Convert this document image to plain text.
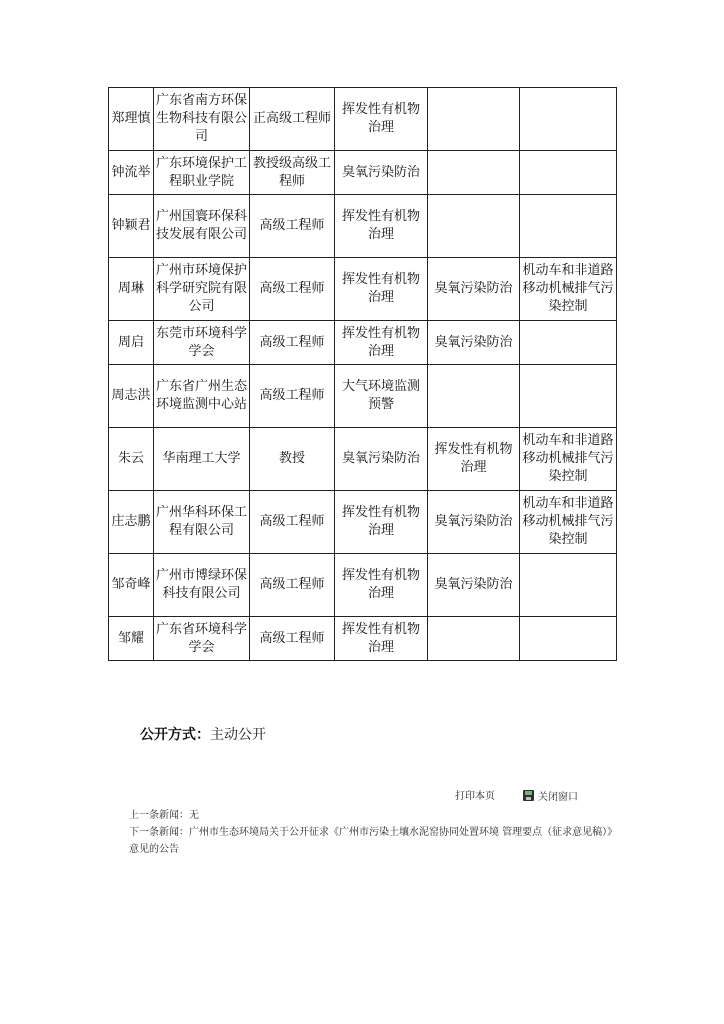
郑理慎	广东省南方环保生物科技有限公司	正高级工程师	挥发性有机物治理		
钟流举	广东环境保护工程职业学院	教授级高级工程师	臭氧污染防治		
钟颖君	广州国寰环保科技发展有限公司	高级工程师	挥发性有机物治理		
周琳	广州市环境保护科学研究院有限公司	高级工程师	挥发性有机物治理	臭氧污染防治	机动车和非道路移动机械排气污染控制
周启	东莞市环境科学学会	高级工程师	挥发性有机物治理	臭氧污染防治	
周志洪	广东省广州生态环境监测中心站	高级工程师	大气环境监测预警		
朱云	华南理工大学	教授	臭氧污染防治	挥发性有机物治理	机动车和非道路移动机械排气污染控制
庄志鹏	广州华科环保工程有限公司	高级工程师	挥发性有机物治理	臭氧污染防治	机动车和非道路移动机械排气污染控制
邹奇峰	广州市博绿环保科技有限公司	高级工程师	挥发性有机物治理	臭氧污染防治	
邹耀	广东省环境科学学会	高级工程师	挥发性有机物治理		
公开方式：主动公开
打印本页	关闭窗口
上一条新闻：无
下一条新闻：广州市生态环境局关于公开征求《广州市污染土壤水泥窑协同处置环境 管理要点（征求意见稿）》意见的公告
